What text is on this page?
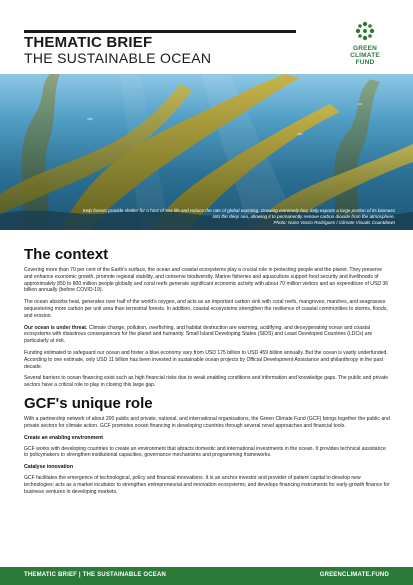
THEMATIC BRIEF
THE SUSTAINABLE OCEAN
GREEN
CLIMATE
FUND
Kelp forests provide shelter for a host of sea life and reduce the rate of global warming. Growing extremely fast, kelp exports a large portion of its biomass into the deep sea, allowing it to permanently remove carbon dioxide from the atmosphere.
Photo: Nuno Vasco Rodrigues / Climate Visuals Countdown
The context

Covering more than 70 per cent of the Earth's surface, the ocean and coastal ecosystems play a crucial role in protecting people and the planet. They preserve and enhance economic growth, promote regional stability, and conserve biodiversity. Marine fisheries and aquaculture support food security and livelihoods of approximately 850 to 800 million people globally and coral reefs generate significant economic activity with about 70 million visitors and an expenditure of USD 36 billion annually (before COVID-19).

The ocean absorbs heat, generates over half of the world's oxygen, and acts as an important carbon sink with coral reefs, mangroves, marshes, and seagrasses sequestering more carbon per unit area than terrestrial forests. In addition, coastal ecosystems strengthen the resilience of coastal communities to storms, floods, and erosion.

Our ocean is under threat. Climate change, pollution, overfishing, and habitat destruction are warming, acidifying, and deoxygenating ocean and coastal ecosystems with disastrous consequences for the planet and humanity. Small Island Developing States (SIDS) and Least Developed Countries (LDCs) are particularly at risk.

Funding estimated to safeguard our ocean and foster a blue economy vary from USD 175 billion to USD 459 billion annually. But the ocean is vastly underfunded. According to one estimate, only USD 11 billion has been invested in sustainable ocean projects by Official Development Assistance and philanthropy in the past decade.

Several barriers to ocean financing exist such as high financial risks due to weak enabling conditions and information and knowledge gaps. The public and private sectors have a critical role to play in closing this large gap.

GCF's unique role

With a partnership network of about 200 public and private, national, and international organisations, the Green Climate Fund (GCF) brings together the public and private sectors for climate action. GCF promotes ocean financing in developing countries through several novel approaches and financial tools.

Create an enabling environment

GCF works with developing countries to create an environment that attracts domestic and international investments in the ocean. It provides technical assistance to policymakers to strengthen institutional capacities, governance mechanisms and programming frameworks.

Catalyse innovation

GCF facilitates the emergence of technological, policy and financial innovations. It is an anchor investor and provider of patient capital to develop new technologies; acts as a market incubator to strengthen entrepreneurial and innovation ecosystems; and develops financing instruments for early-growth finance for business ventures in developing markets.

THEMATIC BRIEF | THE SUSTAINABLE OCEAN	GREENCLIMATE.FUND
